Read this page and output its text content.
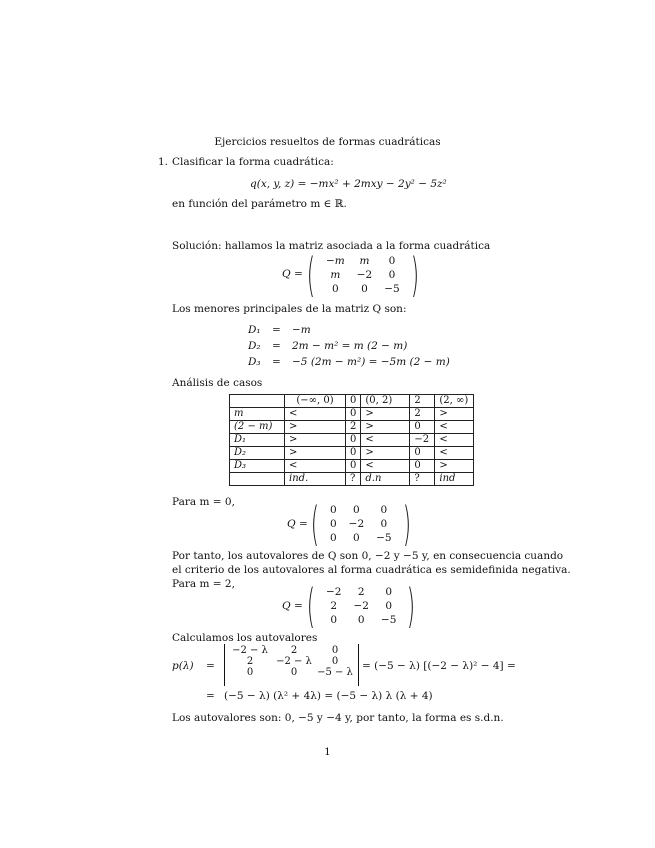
Ejercicios resueltos de formas cuadráticas
1. Clasificar la forma cuadrática:
q(x, y, z) = −mx² + 2mxy − 2y² − 5z²
en función del parámetro m ∈ ℝ.
Solución: hallamos la matriz asociada a la forma cuadrática
Q = ( −m	m	0
m	−2	0
0	0	−5 )
Los menores principales de la matriz Q son:
D₁ = −m
D₂ = 2m − m² = m (2 − m)
D₃ = −5 (2m − m²) = −5m (2 − m)
Análisis de casos
	(−∞, 0)	0	(0, 2)	2	(2, ∞)
m	<	0	>	2	>
(2 − m)	>	2	>	0	<
D₁	>	0	<	−2	<
D₂	>	0	>	0	<
D₃	<	0	<	0	>
	ind.	?	d.n	?	ind
Para m = 0,
Q = ( 0	0	0
0	−2	0
0	0	−5 )
Por tanto, los autovalores de Q son 0, −2 y −5 y, en consecuencia cuando
el criterio de los autovalores al forma cuadrática es semidefinida negativa.
Para m = 2,
Q = ( −2	2	0
2	−2	0
0	0	−5 )
Calculamos los autovalores
p(λ) =
−2 − λ	2	0
2	−2 − λ	0
0	0	−5 − λ
= (−5 − λ) [(−2 − λ)² − 4] =
= (−5 − λ) (λ² + 4λ) = (−5 − λ) λ (λ + 4)
Los autovalores son: 0, −5 y −4 y, por tanto, la forma es s.d.n.
1
